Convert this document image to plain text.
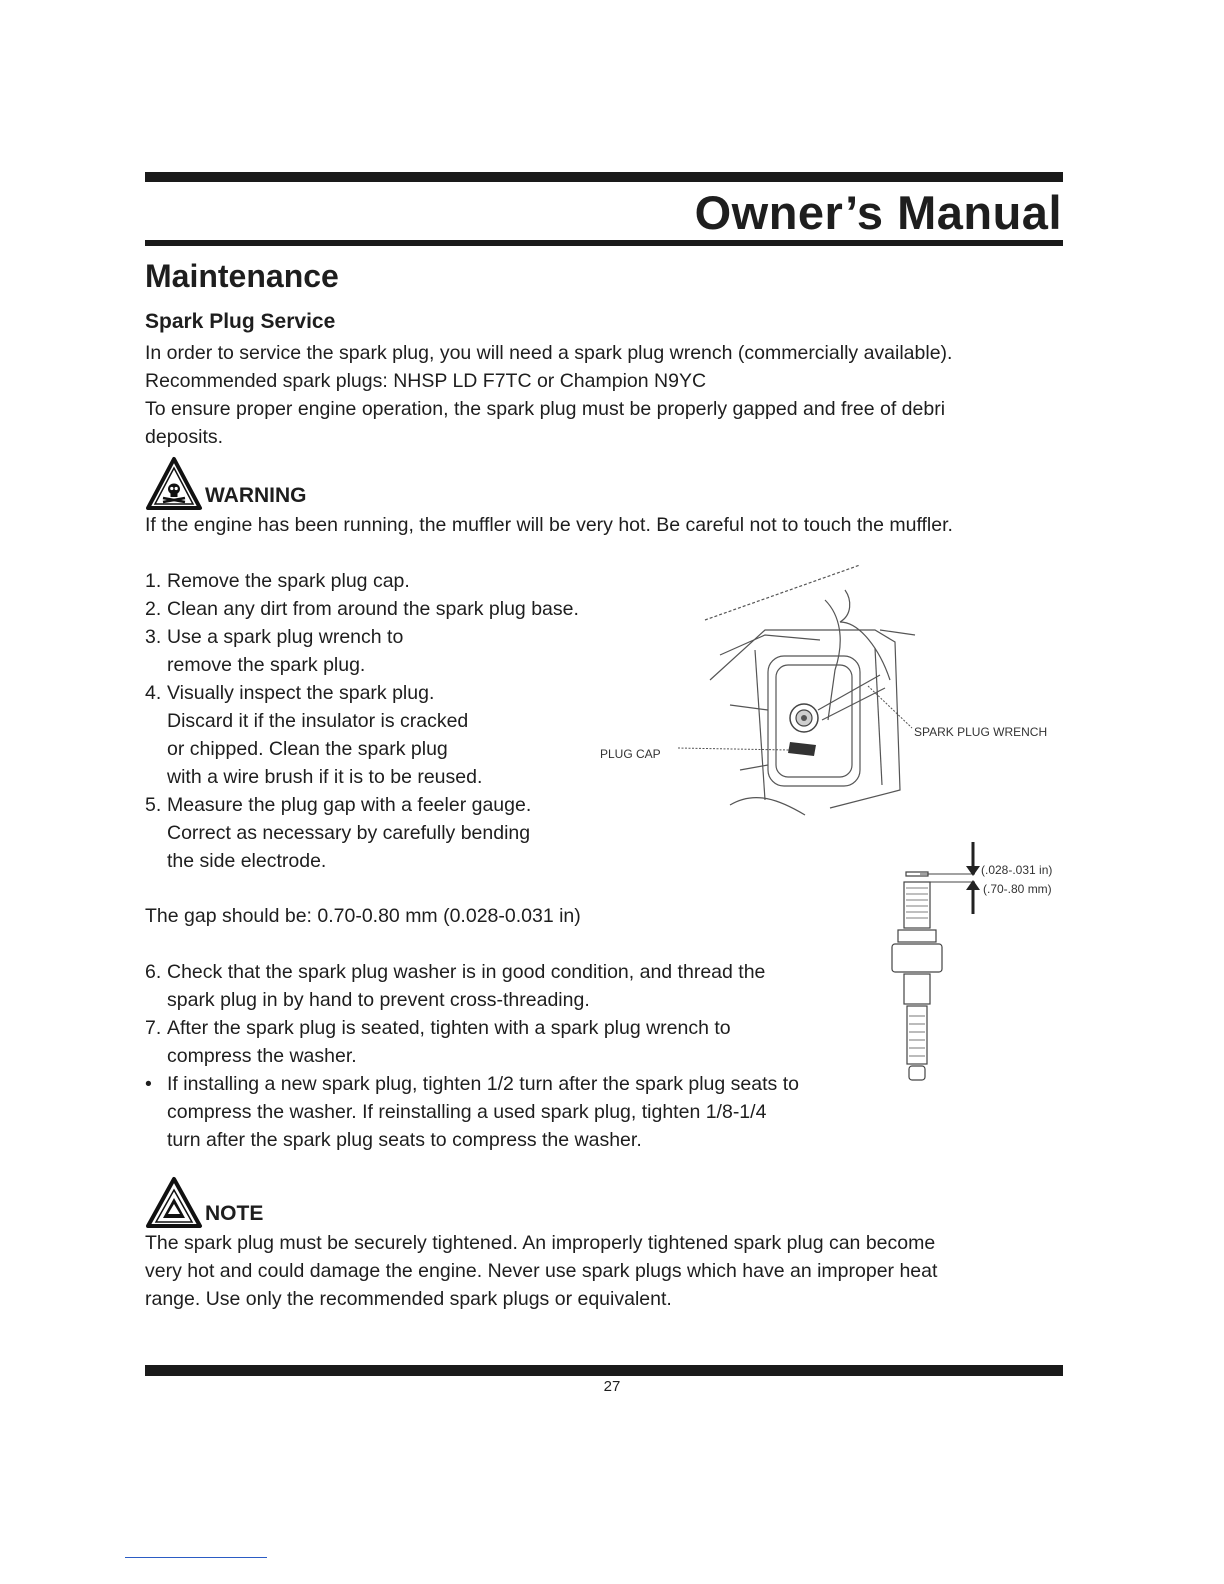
Owner’s Manual
Maintenance
Spark Plug Service

In order to service the spark plug, you will need a spark plug wrench (commercially available).

Recommended spark plugs: NHSP LD F7TC or Champion N9YC

To ensure proper engine operation, the spark plug must be properly gapped and free of debri

deposits.

WARNING

If the engine has been running, the muffler will be very hot. Be careful not to touch the muffler.

1. Remove the spark plug cap.

2. Clean any dirt from around the spark plug base.

3. Use a spark plug wrench to

remove the spark plug.

4. Visually inspect the spark plug.

Discard it if the insulator is cracked

or chipped. Clean the spark plug

with a wire brush if it is to be reused.

5. Measure the plug gap with a feeler gauge.

Correct as necessary by carefully bending

the side electrode.

The gap should be: 0.70-0.80 mm (0.028-0.031 in)

6. Check that the spark plug washer is in good condition, and thread the

spark plug in by hand to prevent cross-threading.

7. After the spark plug is seated, tighten with a spark plug wrench to

compress the washer.

• If installing a new spark plug, tighten 1/2 turn after the spark plug seats to

compress the washer. If reinstalling a used spark plug, tighten 1/8-1/4

turn after the spark plug seats to compress the washer.

PLUG CAP
SPARK PLUG WRENCH
(.028-.031 in)
(.70-.80 mm)
NOTE

The spark plug must be securely tightened. An improperly tightened spark plug can become

very hot and could damage the engine. Never use spark plugs which have an improper heat

range. Use only the recommended spark plugs or equivalent.

27
